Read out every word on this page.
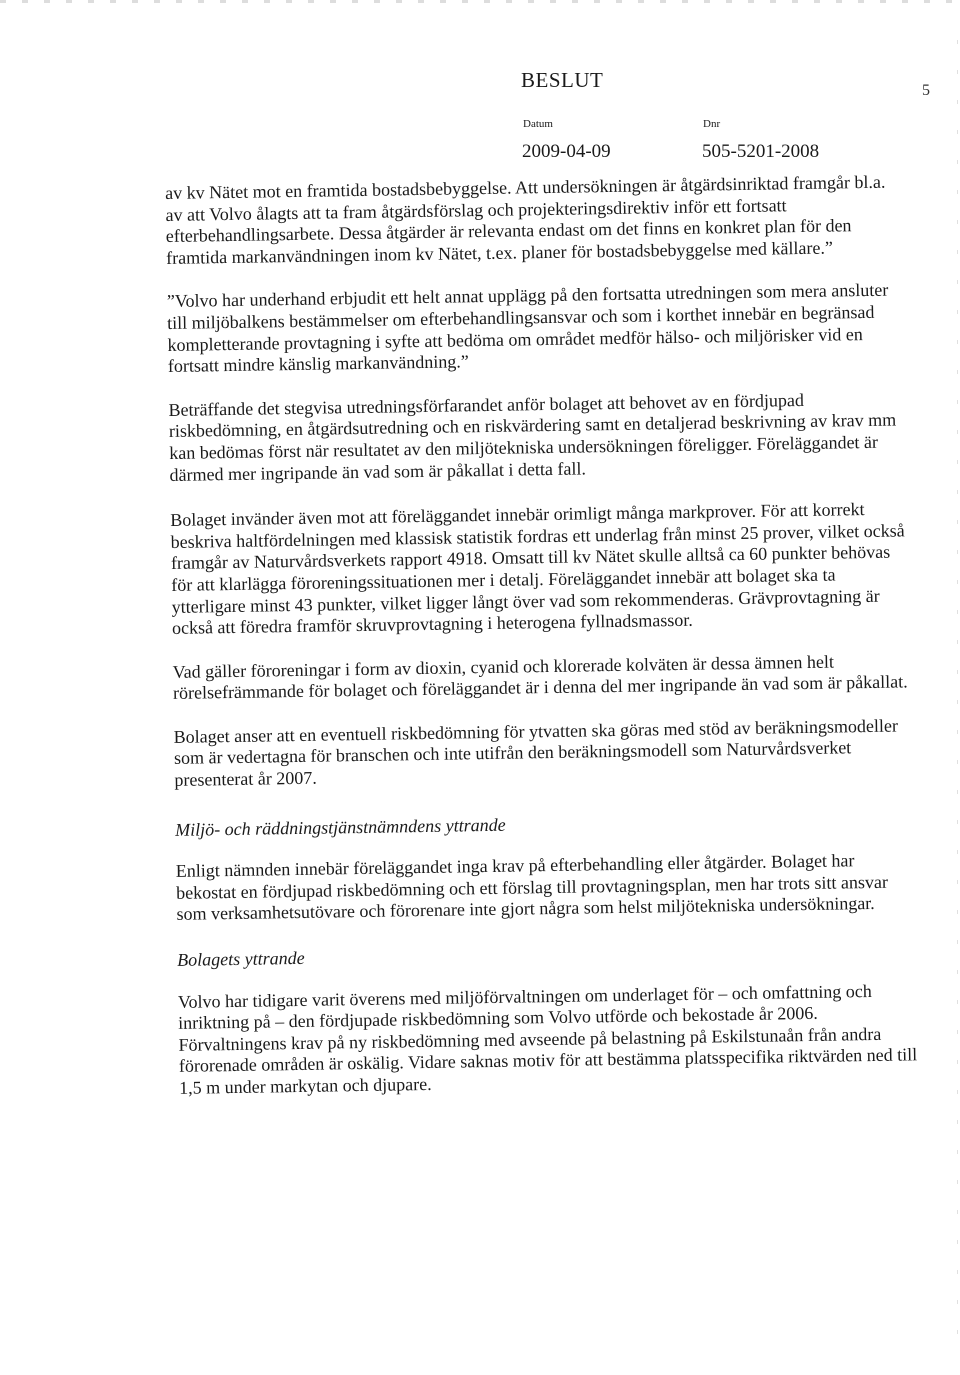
BESLUT	5
Datum	Dnr
2009-04-09	505-5201-2008

av kv Nätet mot en framtida bostadsbebyggelse. Att undersökningen är åtgärdsinriktad framgår bl.a. av att Volvo ålagts att ta fram åtgärdsförslag och projekteringsdirektiv inför ett fortsatt efterbehandlingsarbete. Dessa åtgärder är relevanta endast om det finns en konkret plan för den framtida markanvändningen inom kv Nätet, t.ex. planer för bostadsbebyggelse med källare.”

”Volvo har underhand erbjudit ett helt annat upplägg på den fortsatta utredningen som mera ansluter till miljöbalkens bestämmelser om efterbehandlingsansvar och som i korthet innebär en begränsad kompletterande provtagning i syfte att bedöma om området medför hälso- och miljörisker vid en fortsatt mindre känslig markanvändning.”

Beträffande det stegvisa utredningsförfarandet anför bolaget att behovet av en fördjupad riskbedömning, en åtgärdsutredning och en riskvärdering samt en detaljerad beskrivning av krav mm kan bedömas först när resultatet av den miljötekniska undersökningen föreligger. Föreläggandet är därmed mer ingripande än vad som är påkallat i detta fall.

Bolaget invänder även mot att föreläggandet innebär orimligt många markprover. För att korrekt beskriva haltfördelningen med klassisk statistik fordras ett underlag från minst 25 prover, vilket också framgår av Naturvårdsverkets rapport 4918. Omsatt till kv Nätet skulle alltså ca 60 punkter behövas för att klarlägga föroreningssituationen mer i detalj. Föreläggandet innebär att bolaget ska ta ytterligare minst 43 punkter, vilket ligger långt över vad som rekommenderas. Grävprovtagning är också att föredra framför skruvprovtagning i heterogena fyllnadsmassor.

Vad gäller föroreningar i form av dioxin, cyanid och klorerade kolväten är dessa ämnen helt rörelsefrämmande för bolaget och föreläggandet är i denna del mer ingripande än vad som är påkallat.

Bolaget anser att en eventuell riskbedömning för ytvatten ska göras med stöd av beräkningsmodeller som är vedertagna för branschen och inte utifrån den beräkningsmodell som Naturvårdsverket presenterat år 2007.

Miljö- och räddningstjänstnämndens yttrande

Enligt nämnden innebär föreläggandet inga krav på efterbehandling eller åtgärder. Bolaget har bekostat en fördjupad riskbedömning och ett förslag till provtagningsplan, men har trots sitt ansvar som verksamhetsutövare och förorenare inte gjort några som helst miljötekniska undersökningar.

Bolagets yttrande

Volvo har tidigare varit överens med miljöförvaltningen om underlaget för – och omfattning och inriktning på – den fördjupade riskbedömning som Volvo utförde och bekostade år 2006. Förvaltningens krav på ny riskbedömning med avseende på belastning på Eskilstunaån från andra förorenade områden är oskälig. Vidare saknas motiv för att bestämma platsspecifika riktvärden ned till 1,5 m under markytan och djupare.
